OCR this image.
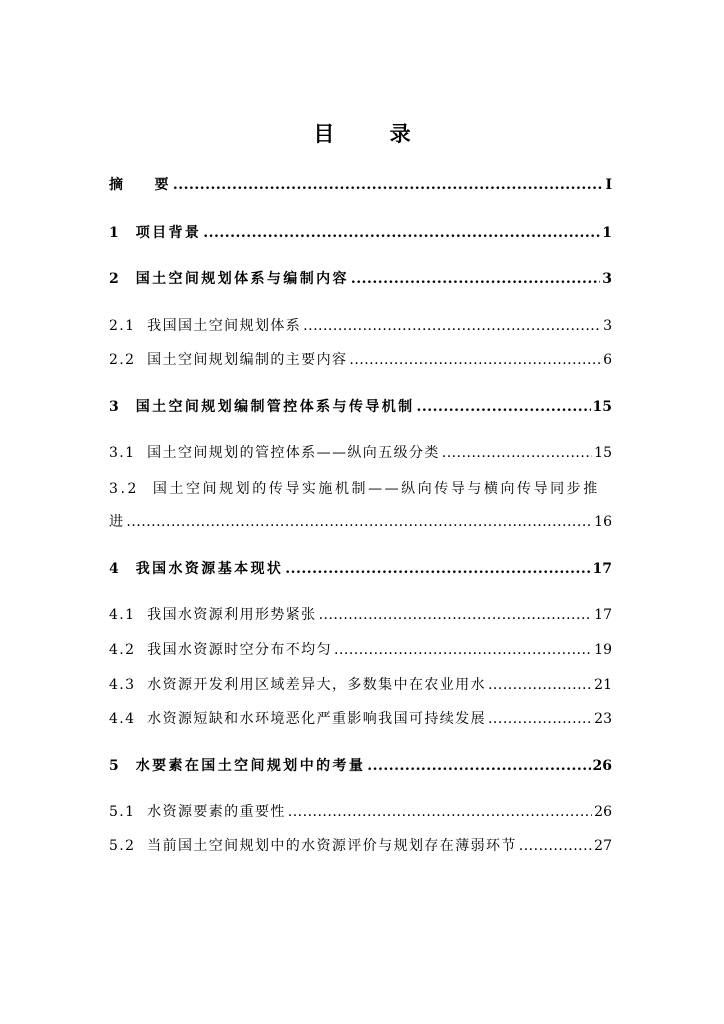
目 录
摘    要 .....	I
1  项目背景 .....	1
2  国土空间规划体系与编制内容 .....	3
2.1  我国国土空间规划体系 .....	3
2.2  国土空间规划编制的主要内容 .....	6
3  国土空间规划编制管控体系与传导机制 .....	15
3.1  国土空间规划的管控体系——纵向五级分类 .....	15
3.2  国土空间规划的传导实施机制——纵向传导与横向传导同步推
进 .....	16
4  我国水资源基本现状 .....	17
4.1  我国水资源利用形势紧张 .....	17
4.2  我国水资源时空分布不均匀 .....	19
4.3  水资源开发利用区域差异大，多数集中在农业用水 .....	21
4.4  水资源短缺和水环境恶化严重影响我国可持续发展 .....	23
5  水要素在国土空间规划中的考量 .....	26
5.1  水资源要素的重要性 .....	26
5.2  当前国土空间规划中的水资源评价与规划存在薄弱环节 .....	27
